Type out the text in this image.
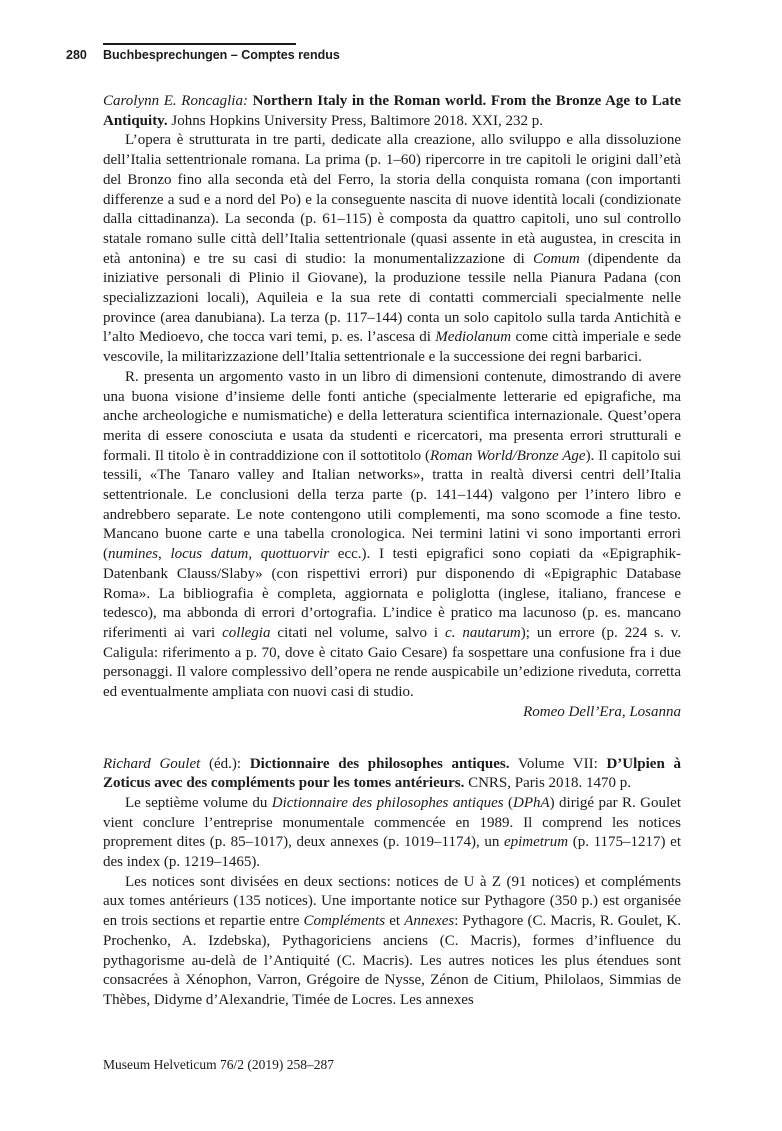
280 Buchbesprechungen – Comptes rendus

Carolynn E. Roncaglia: Northern Italy in the Roman world. From the Bronze Age to Late Antiquity. Johns Hopkins University Press, Baltimore 2018. XXI, 232 p.

L’opera è strutturata in tre parti, dedicate alla creazione, allo sviluppo e alla dissoluzione dell’Italia settentrionale romana. La prima (p. 1–60) ripercorre in tre capitoli le origini dall’età del Bronzo fino alla seconda età del Ferro, la storia della conquista romana (con importanti differenze a sud e a nord del Po) e la conseguente nascita di nuove identità locali (condizionate dalla cittadinanza). La seconda (p. 61–115) è composta da quattro capitoli, uno sul controllo statale romano sulle città dell’Italia settentrionale (quasi assente in età augustea, in crescita in età antonina) e tre su casi di studio: la monumentalizzazione di Comum (dipendente da iniziative personali di Plinio il Giovane), la produzione tessile nella Pianura Padana (con specializzazioni locali), Aquileia e la sua rete di contatti commerciali specialmente nelle province (area danubiana). La terza (p. 117–144) conta un solo capitolo sulla tarda Antichità e l’alto Medioevo, che tocca vari temi, p. es. l’ascesa di Mediolanum come città imperiale e sede vescovile, la militarizzazione dell’Italia settentrionale e la successione dei regni barbarici.

R. presenta un argomento vasto in un libro di dimensioni contenute, dimostrando di avere una buona visione d’insieme delle fonti antiche (specialmente letterarie ed epigrafiche, ma anche archeologiche e numismatiche) e della letteratura scientifica internazionale. Quest’opera merita di essere conosciuta e usata da studenti e ricercatori, ma presenta errori strutturali e formali. Il titolo è in contraddizione con il sottotitolo (Roman World/Bronze Age). Il capitolo sui tessili, «The Tanaro valley and Italian networks», tratta in realtà diversi centri dell’Italia settentrionale. Le conclusioni della terza parte (p. 141–144) valgono per l’intero libro e andrebbero separate. Le note contengono utili complementi, ma sono scomode a fine testo. Mancano buone carte e una tabella cronologica. Nei termini latini vi sono importanti errori (numines, locus datum, quottuorvir ecc.). I testi epigrafici sono copiati da «Epigraphik-Datenbank Clauss/Slaby» (con rispettivi errori) pur disponendo di «Epigraphic Database Roma». La bibliografia è completa, aggiornata e poliglotta (inglese, italiano, francese e tedesco), ma abbonda di errori d’ortografia. L’indice è pratico ma lacunoso (p. es. mancano riferimenti ai vari collegia citati nel volume, salvo i c. nautarum); un errore (p. 224 s. v. Caligula: riferimento a p. 70, dove è citato Gaio Cesare) fa sospettare una confusione fra i due personaggi. Il valore complessivo dell’opera ne rende auspicabile un’edizione riveduta, corretta ed eventualmente ampliata con nuovi casi di studio.

Romeo Dell’Era, Losanna

Richard Goulet (éd.): Dictionnaire des philosophes antiques. Volume VII: D’Ulpien à Zoticus avec des compléments pour les tomes antérieurs. CNRS, Paris 2018. 1470 p.

Le septième volume du Dictionnaire des philosophes antiques (DPhA) dirigé par R. Goulet vient conclure l’entreprise monumentale commencée en 1989. Il comprend les notices proprement dites (p. 85–1017), deux annexes (p. 1019–1174), un epimetrum (p. 1175–1217) et des index (p. 1219–1465).

Les notices sont divisées en deux sections: notices de U à Z (91 notices) et compléments aux tomes antérieurs (135 notices). Une importante notice sur Pythagore (350 p.) est organisée en trois sections et repartie entre Compléments et Annexes: Pythagore (C. Macris, R. Goulet, K. Prochenko, A. Izdebska), Pythagoriciens anciens (C. Macris), formes d’influence du pythagorisme au-delà de l’Antiquité (C. Macris). Les autres notices les plus étendues sont consacrées à Xénophon, Varron, Grégoire de Nysse, Zénon de Citium, Philolaos, Simmias de Thèbes, Didyme d’Alexandrie, Timée de Locres. Les annexes

Museum Helveticum 76/2 (2019) 258–287
